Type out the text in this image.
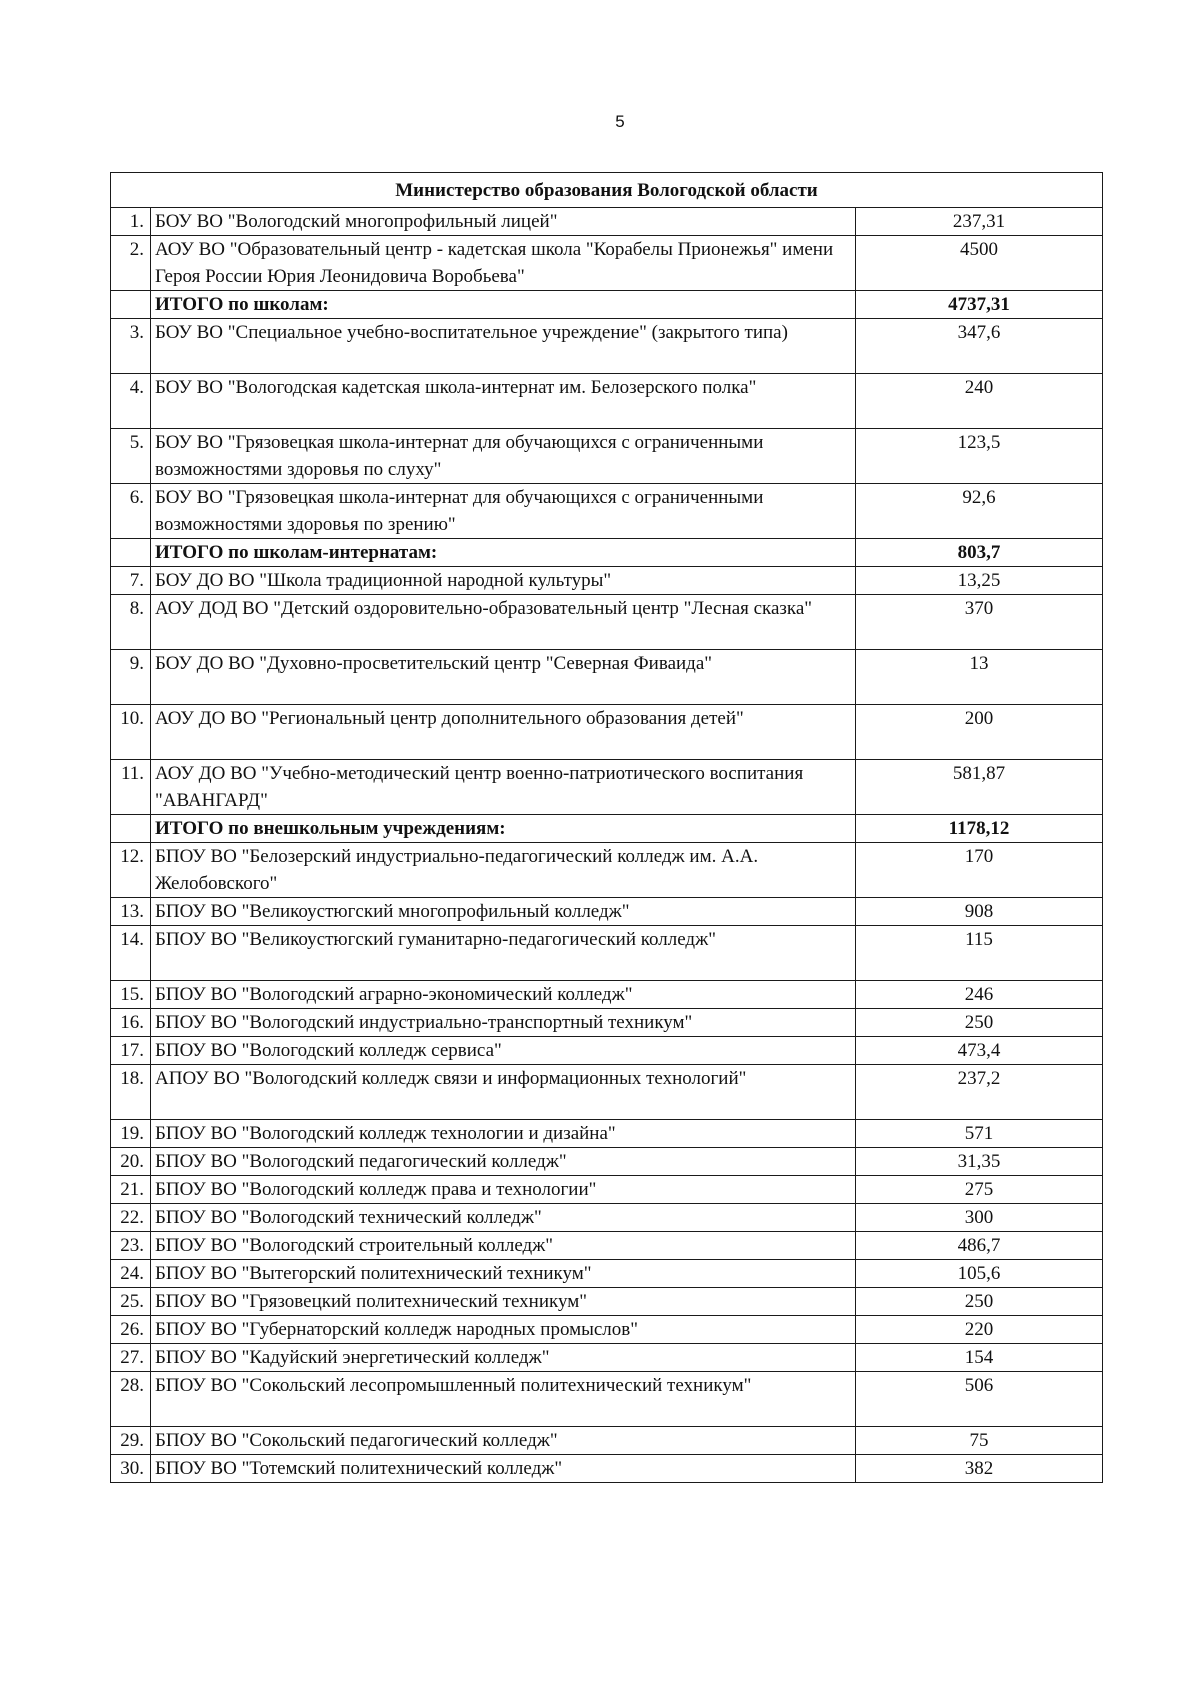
5
Министерство образования Вологодской области		
1.	БОУ ВО "Вологодский многопрофильный лицей"	237,31
2.	АОУ ВО "Образовательный центр - кадетская школа "Корабелы Прионежья" имени Героя России Юрия Леонидовича Воробьева"	4500
	ИТОГО по школам:	4737,31
3.	БОУ ВО "Специальное учебно-воспитательное учреждение" (закрытого типа)	347,6
4.	БОУ ВО "Вологодская кадетская школа-интернат им. Белозерского полка"	240
5.	БОУ ВО "Грязовецкая школа-интернат для обучающихся с ограниченными возможностями здоровья по слуху"	123,5
6.	БОУ ВО "Грязовецкая школа-интернат для обучающихся с ограниченными возможностями здоровья по зрению"	92,6
	ИТОГО по школам-интернатам:	803,7
7.	БОУ ДО ВО "Школа традиционной народной культуры"	13,25
8.	АОУ ДОД ВО "Детский оздоровительно-образовательный центр "Лесная сказка"	370
9.	БОУ ДО ВО "Духовно-просветительский центр "Северная Фиваида"	13
10.	АОУ ДО ВО "Региональный центр дополнительного образования детей"	200
11.	АОУ ДО ВО "Учебно-методический центр военно-патриотического воспитания "АВАНГАРД"	581,87
	ИТОГО по внешкольным учреждениям:	1178,12
12.	БПОУ ВО "Белозерский индустриально-педагогический колледж им. А.А. Желобовского"	170
13.	БПОУ ВО "Великоустюгский многопрофильный колледж"	908
14.	БПОУ ВО "Великоустюгский гуманитарно-педагогический колледж"	115
15.	БПОУ ВО "Вологодский аграрно-экономический колледж"	246
16.	БПОУ ВО "Вологодский индустриально-транспортный техникум"	250
17.	БПОУ ВО "Вологодский колледж сервиса"	473,4
18.	АПОУ ВО "Вологодский колледж связи и информационных технологий"	237,2
19.	БПОУ ВО "Вологодский колледж технологии и дизайна"	571
20.	БПОУ ВО "Вологодский педагогический колледж"	31,35
21.	БПОУ ВО "Вологодский колледж права и технологии"	275
22.	БПОУ ВО "Вологодский технический колледж"	300
23.	БПОУ ВО "Вологодский строительный колледж"	486,7
24.	БПОУ ВО "Вытегорский политехнический техникум"	105,6
25.	БПОУ ВО "Грязовецкий политехнический техникум"	250
26.	БПОУ ВО "Губернаторский колледж народных промыслов"	220
27.	БПОУ ВО "Кадуйский энергетический колледж"	154
28.	БПОУ ВО "Сокольский лесопромышленный политехнический техникум"	506
29.	БПОУ ВО "Сокольский педагогический колледж"	75
30.	БПОУ ВО "Тотемский политехнический колледж"	382
